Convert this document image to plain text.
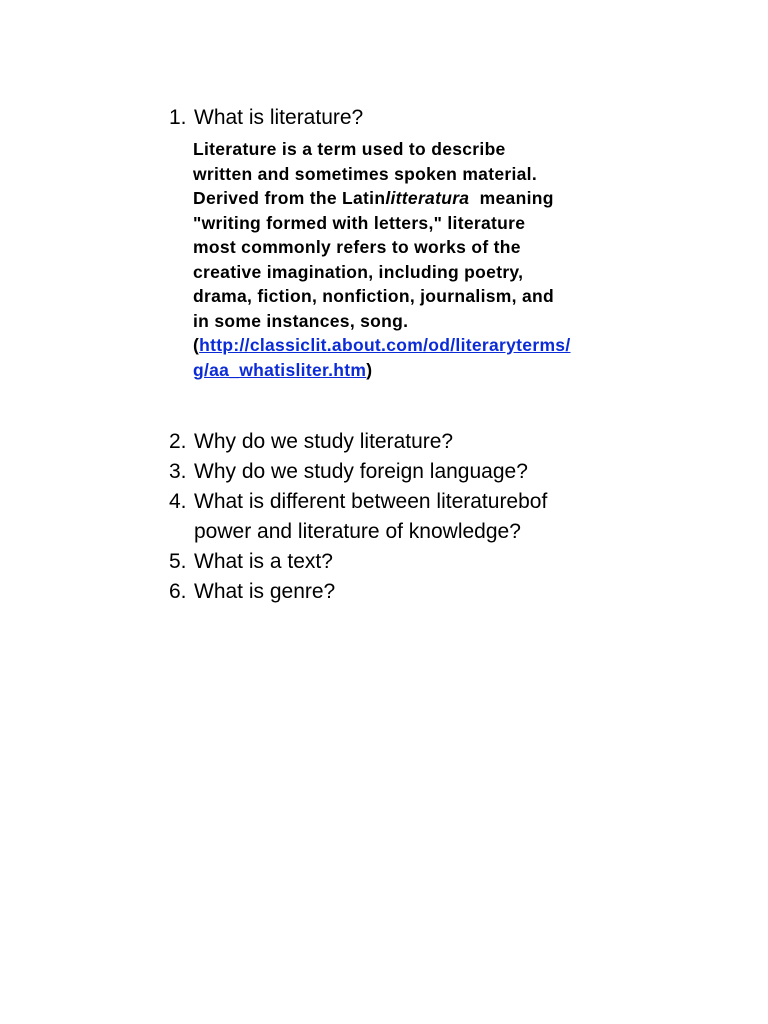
1. What is literature?
Literature is a term used to describe
written and sometimes spoken material.
Derived from the Latinlitteratura  meaning
"writing formed with letters," literature
most commonly refers to works of the
creative imagination, including poetry,
drama, fiction, nonfiction, journalism, and
in some instances, song.
(http://classiclit.about.com/od/literaryterms/
g/aa_whatisliter.htm)
2. Why do we study literature?
3. Why do we study foreign language?
4. What is different between literaturebof
power and literature of knowledge?
5. What is a text?
6. What is genre?
